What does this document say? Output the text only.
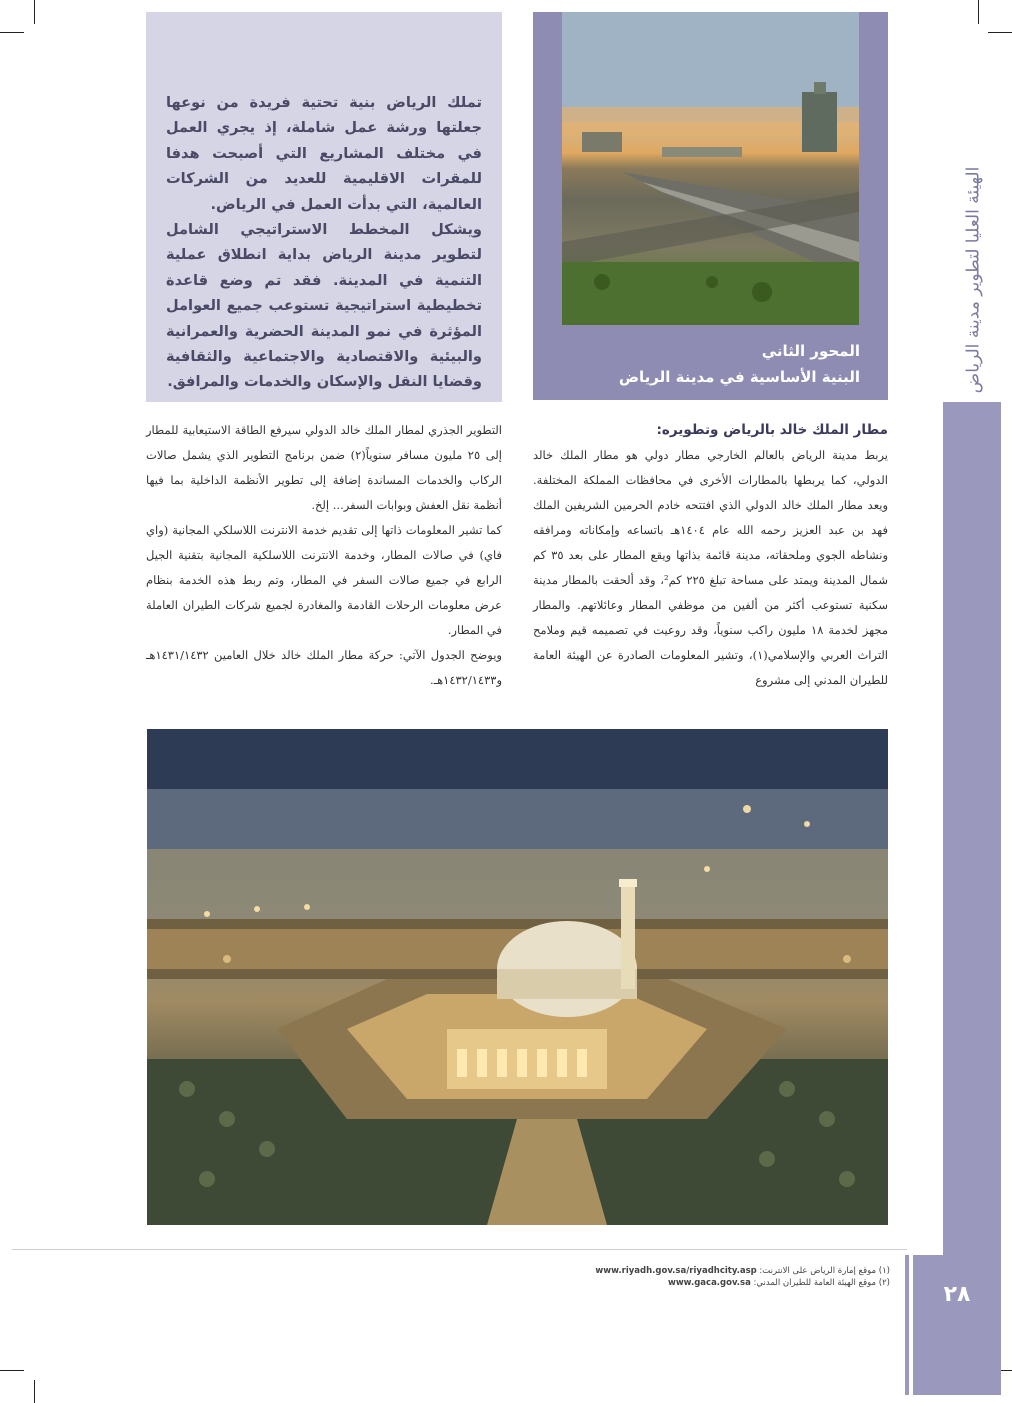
الهيئة العليا لتطوير مدينة الرياض
٢٨

تملك الرياض بنية تحتية فريدة من نوعها جعلتها ورشة عمل شاملة، إذ يجري العمل في مختلف المشاريع التي أصبحت هدفا للمقرات الاقليمية للعديد من الشركات العالمية، التي بدأت العمل في الرياض.

ويشكل المخطط الاستراتيجي الشامل لتطوير مدينة الرياض بداية انطلاق عملية التنمية في المدينة. فقد تم وضع قاعدة تخطيطية استراتيجية تستوعب جميع العوامل المؤثرة في نمو المدينة الحضرية والعمرانية والبيئية والاقتصادية والاجتماعية والثقافية وقضايا النقل والإسكان والخدمات والمرافق.

المحور الثاني
البنية الأساسية في مدينة الرياض

مطار الملك خالد بالرياض وتطويره:

يربط مدينة الرياض بالعالم الخارجي مطار دولي هو مطار الملك خالد الدولي، كما يربطها بالمطارات الأخرى في محافظات المملكة المختلفة. ويعد مطار الملك خالد الدولي الذي افتتحه خادم الحرمين الشريفين الملك فهد بن عبد العزيز رحمه الله عام ١٤٠٤هـ باتساعه وإمكاناته ومرافقه ونشاطه الجوي وملحقاته، مدينة قائمة بذاتها ويقع المطار على بعد ٣٥ كم شمال المدينة ويمتد على مساحة تبلغ ٢٢٥ كم²، وقد ألحقت بالمطار مدينة سكنية تستوعب أكثر من ألفين من موظفي المطار وعائلاتهم. والمطار مجهز لخدمة ١٨ مليون راكب سنوياً، وقد روعيت في تصميمه قيم وملامح التراث العربي والإسلامي(١)، وتشير المعلومات الصادرة عن الهيئة العامة للطيران المدني إلى مشروع

التطوير الجذري لمطار الملك خالد الدولي سيرفع الطاقة الاستيعابية للمطار إلى ٢٥ مليون مسافر سنوياً(٢) ضمن برنامج التطوير الذي يشمل صالات الركاب والخدمات المساندة إضافة إلى تطوير الأنظمة الداخلية بما فيها أنظمة نقل العفش وبوابات السفر... إلخ.

كما تشير المعلومات ذاتها إلى تقديم خدمة الانترنت اللاسلكي المجانية (واي فاي) في صالات المطار، وخدمة الانترنت اللاسلكية المجانية بتقنية الجيل الرابع في جميع صالات السفر في المطار، وتم ربط هذه الخدمة بنظام عرض معلومات الرحلات القادمة والمغادرة لجميع شركات الطيران العاملة في المطار.

ويوضح الجدول الآتي: حركة مطار الملك خالد خلال العامين ١٤٣١/١٤٣٢هـ و١٤٣٢/١٤٣٣هـ.

(١) موقع إمارة الرياض على الانترنت: www.riyadh.gov.sa/riyadhcity.asp
(٢) موقع الهيئة العامة للطيران المدني: www.gaca.gov.sa
